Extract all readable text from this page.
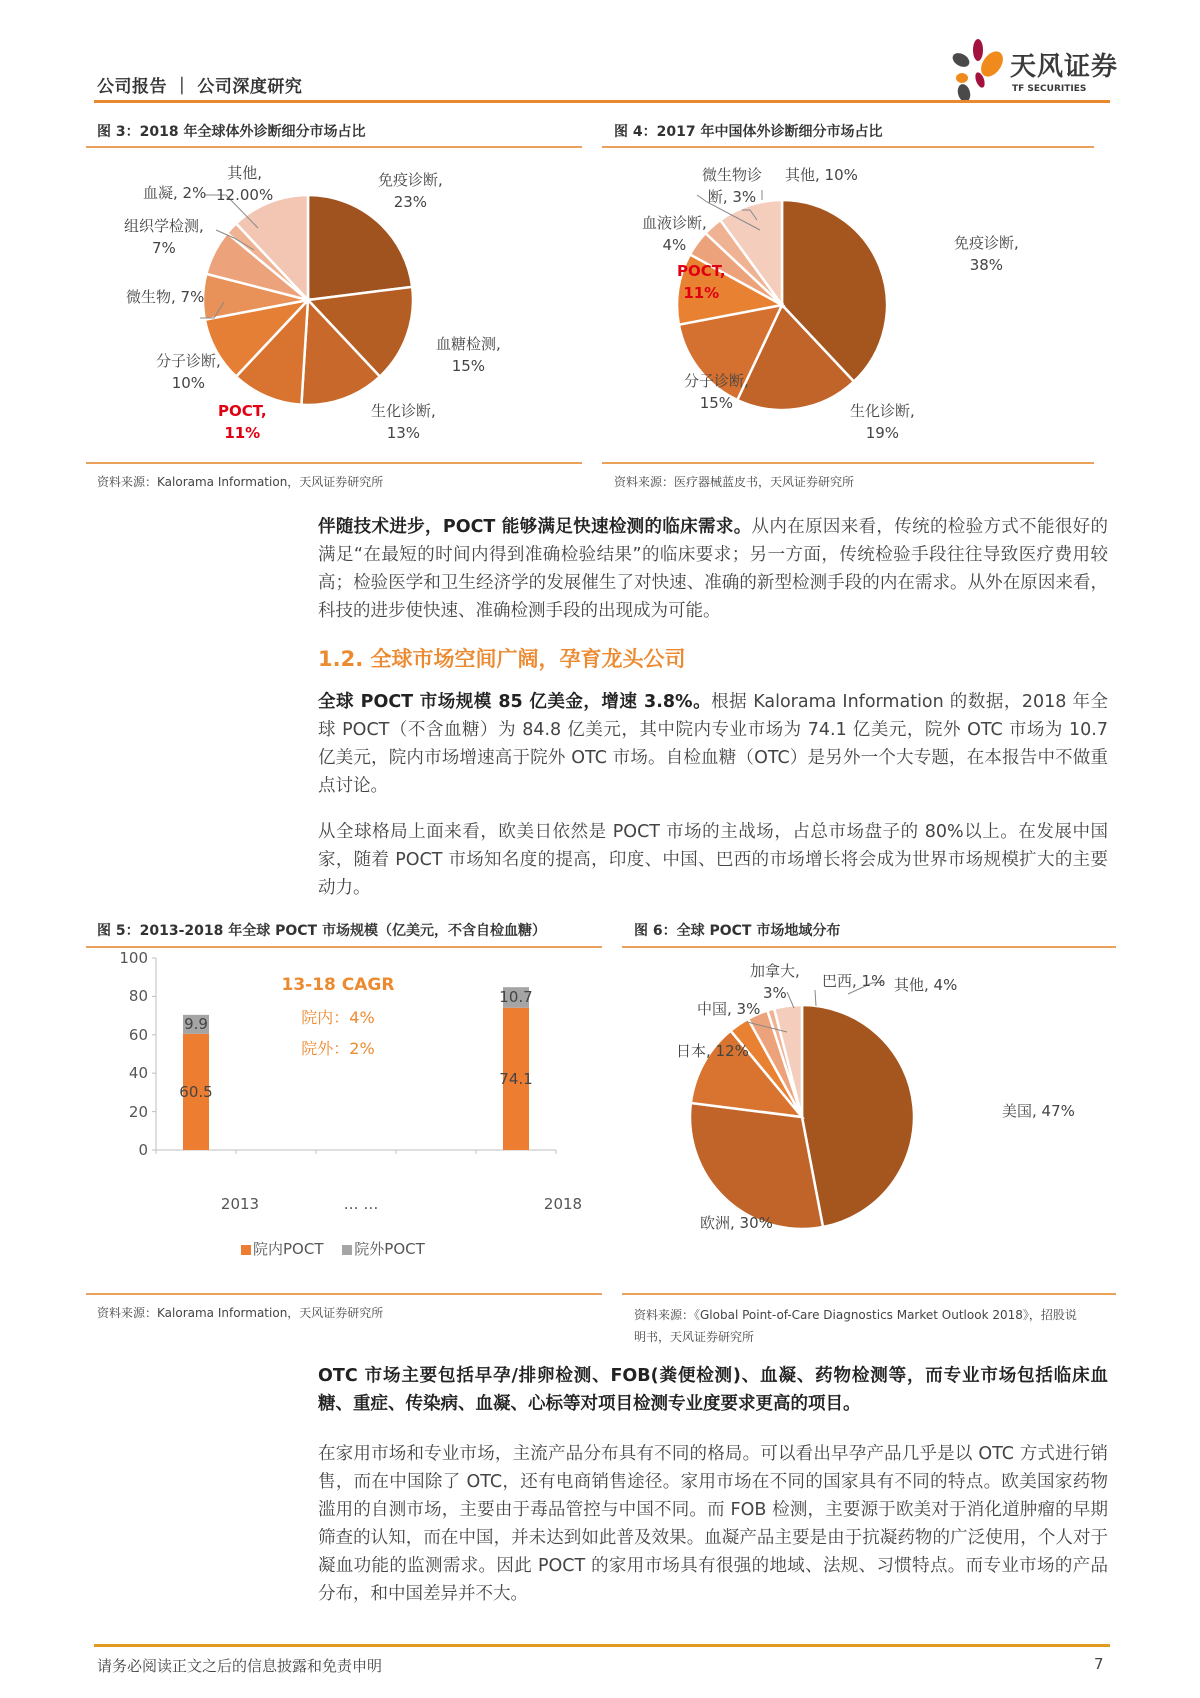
公司报告 ｜ 公司深度研究
天风证券
TF SECURITIES
图 3：2018 年全球体外诊断细分市场占比
其他,
12.00%
血凝, 2%
组织学检测,
7%
微生物, 7%
分子诊断,
10%
POCT,
11%
生化诊断,
13%
血糖检测,
15%
免疫诊断,
23%
资料来源：Kalorama Information，天风证券研究所
图 4：2017 年中国体外诊断细分市场占比
微生物诊
断, 3%
其他, 10%
血液诊断,
4%
POCT,
11%
分子诊断,
15%	生化诊断,
19%
免疫诊断,
38%
资料来源：医疗器械蓝皮书，天风证券研究所
伴随技术进步，POCT 能够满足快速检测的临床需求。从内在原因来看，传统的检验方式不能很好的满足“在最短的时间内得到准确检验结果”的临床要求；另一方面，传统检验手段往往导致医疗费用较高；检验医学和卫生经济学的发展催生了对快速、准确的新型检测手段的内在需求。从外在原因来看，科技的进步使快速、准确检测手段的出现成为可能。
1.2. 全球市场空间广阔，孕育龙头公司
全球 POCT 市场规模 85 亿美金，增速 3.8%。根据 Kalorama Information 的数据，2018 年全球 POCT（不含血糖）为 84.8 亿美元，其中院内专业市场为 74.1 亿美元，院外 OTC 市场为 10.7 亿美元，院内市场增速高于院外 OTC 市场。自检血糖（OTC）是另外一个大专题，在本报告中不做重点讨论。
从全球格局上面来看，欧美日依然是 POCT 市场的主战场，占总市场盘子的 80%以上。在发展中国家，随着 POCT 市场知名度的提高，印度、中国、巴西的市场增长将会成为世界市场规模扩大的主要动力。
图 5：2013-2018 年全球 POCT 市场规模（亿美元，不含自检血糖）
0
20
40
60
80
100
13-18 CAGR
院内：4%
院外：2%
2013	… …	2018
院内POCT 院外POCT
60.5
9.9
74.1
10.7
资料来源：Kalorama Information，天风证券研究所
图 6：全球 POCT 市场地域分布
加拿大,
3%
巴西, 1% 其他, 4%
中国, 3%
日本, 12%
美国, 47%
欧洲, 30%
资料来源：《Global Point-of-Care Diagnostics Market Outlook 2018》，招股说
明书，天风证券研究所
OTC 市场主要包括早孕/排卵检测、FOB(粪便检测)、血凝、药物检测等，而专业市场包括临床血糖、重症、传染病、血凝、心标等对项目检测专业度要求更高的项目。
在家用市场和专业市场，主流产品分布具有不同的格局。可以看出早孕产品几乎是以 OTC 方式进行销售，而在中国除了 OTC，还有电商销售途径。家用市场在不同的国家具有不同的特点。欧美国家药物滥用的自测市场，主要由于毒品管控与中国不同。而 FOB 检测，主要源于欧美对于消化道肿瘤的早期筛查的认知，而在中国，并未达到如此普及效果。血凝产品主要是由于抗凝药物的广泛使用，个人对于凝血功能的监测需求。因此 POCT 的家用市场具有很强的地域、法规、习惯特点。而专业市场的产品分布，和中国差异并不大。
请务必阅读正文之后的信息披露和免责申明	7
